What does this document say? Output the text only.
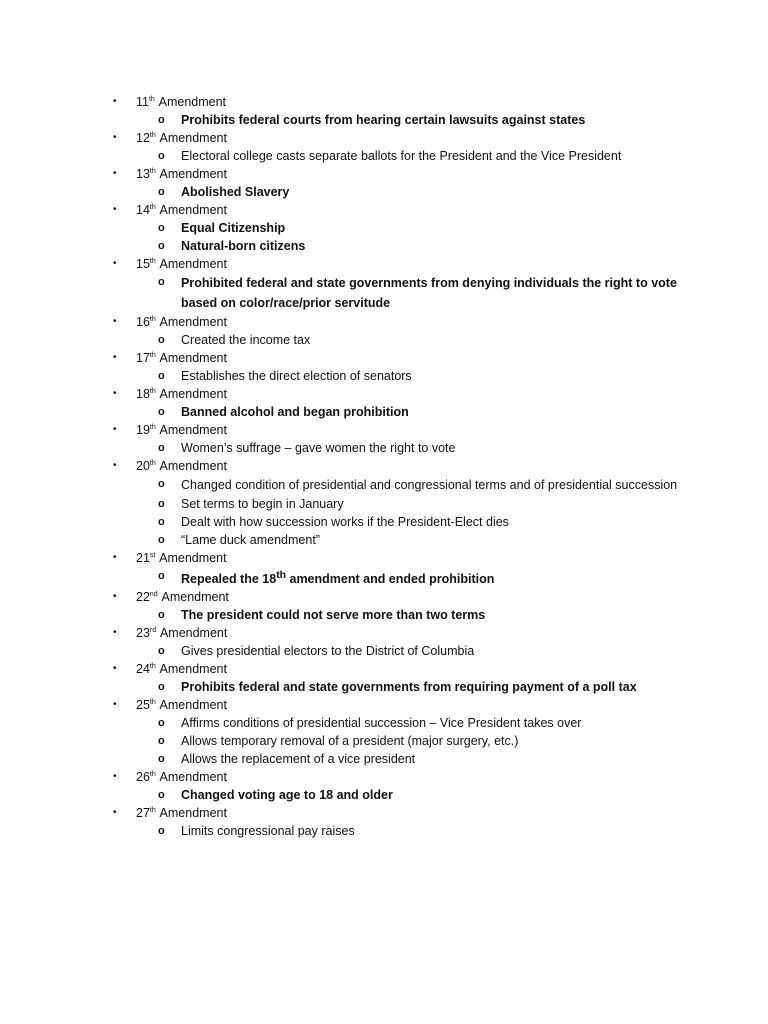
• 11th Amendment
o Prohibits federal courts from hearing certain lawsuits against states
• 12th Amendment
o Electoral college casts separate ballots for the President and the Vice President
• 13th Amendment
o Abolished Slavery
• 14th Amendment
o Equal Citizenship
o Natural-born citizens
• 15th Amendment
o Prohibited federal and state governments from denying individuals the right to vote based on color/race/prior servitude
• 16th Amendment
o Created the income tax
• 17th Amendment
o Establishes the direct election of senators
• 18th Amendment
o Banned alcohol and began prohibition
• 19th Amendment
o Women’s suffrage – gave women the right to vote
• 20th Amendment
o Changed condition of presidential and congressional terms and of presidential succession
o Set terms to begin in January
o Dealt with how succession works if the President-Elect dies
o “Lame duck amendment”
• 21st Amendment
o Repealed the 18th amendment and ended prohibition
• 22nd Amendment
o The president could not serve more than two terms
• 23rd Amendment
o Gives presidential electors to the District of Columbia
• 24th Amendment
o Prohibits federal and state governments from requiring payment of a poll tax
• 25th Amendment
o Affirms conditions of presidential succession – Vice President takes over
o Allows temporary removal of a president (major surgery, etc.)
o Allows the replacement of a vice president
• 26th Amendment
o Changed voting age to 18 and older
• 27th Amendment
o Limits congressional pay raises
